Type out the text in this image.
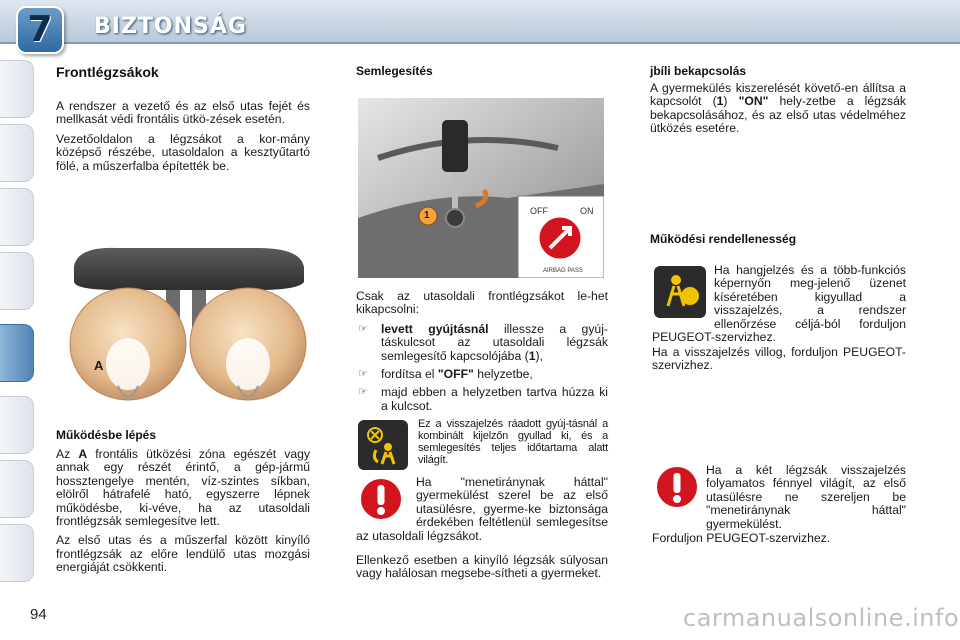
7	BIZTONSÁG
Frontlégzsákok

A rendszer a vezető és az első utas fejét és mellkasát védi frontális ütkö-zések esetén.

Vezetőoldalon a légzsákot a kor-mány középső részébe, utasoldalon a kesztyűtartó fölé, a műszerfalba építették be.

A
Működésbe lépés

Az A frontális ütközési zóna egészét vagy annak egy részét érintő, a gép-jármű hossztengelye mentén, víz-szintes síkban, elölről hátrafelé ható, egyszerre lépnek működésbe, ki-véve, ha az utasoldali frontlégzsák semlegesítve lett.

Az első utas és a műszerfal között kinyíló frontlégzsák az előre lendülő utas mozgási energiáját csökkenti.

Semlegesítés
OFF	ON
AIRBAG PASS
1

Csak az utasoldali frontlégzsákot le-het kikapcsolni:

☞ levett gyújtásnál illessze a gyúj-táskulcsot az utasoldali légzsák semlegesítő kapcsolójába (1),
☞ fordítsa el "OFF" helyzetbe,
☞ majd ebben a helyzetben tartva húzza ki a kulcsot.
Ez a visszajelzés ráadott gyúj-tásnál a kombinált kijelzőn gyullad ki, és a semlegesítés teljes időtartama alatt világít.

Ha "menetiránynak háttal" gyermekülést szerel be az első utasülésre, gyerme-ke biztonsága érdekében feltétlenül semlegesítse az utasoldali légzsákot.

Ellenkező esetben a kinyíló légzsák súlyosan vagy halálosan megsebe-sítheti a gyermeket.

jbíli bekapcsolás

A gyermekülés kiszerelését követő-en állítsa a kapcsolót (1) "ON" hely-zetbe a légzsák bekapcsolásához, és az első utas védelméhez ütközés esetére.

Működési rendellenesség
Ha hangjelzés és a több-funkciós képernyőn meg-jelenő üzenet kíséretében kigyullad a visszajelzés, a rendszer ellenőrzése céljá-ból forduljon PEUGEOT-szervizhez.

Ha a visszajelzés villog, forduljon PEUGEOT-szervizhez.

Ha a két légzsák visszajelzés folyamatos fénnyel világít, az első utasülésre ne szereljen be "menetiránynak háttal" gyermekülést.

Forduljon PEUGEOT-szervizhez.

94	carmanualsonline.info
